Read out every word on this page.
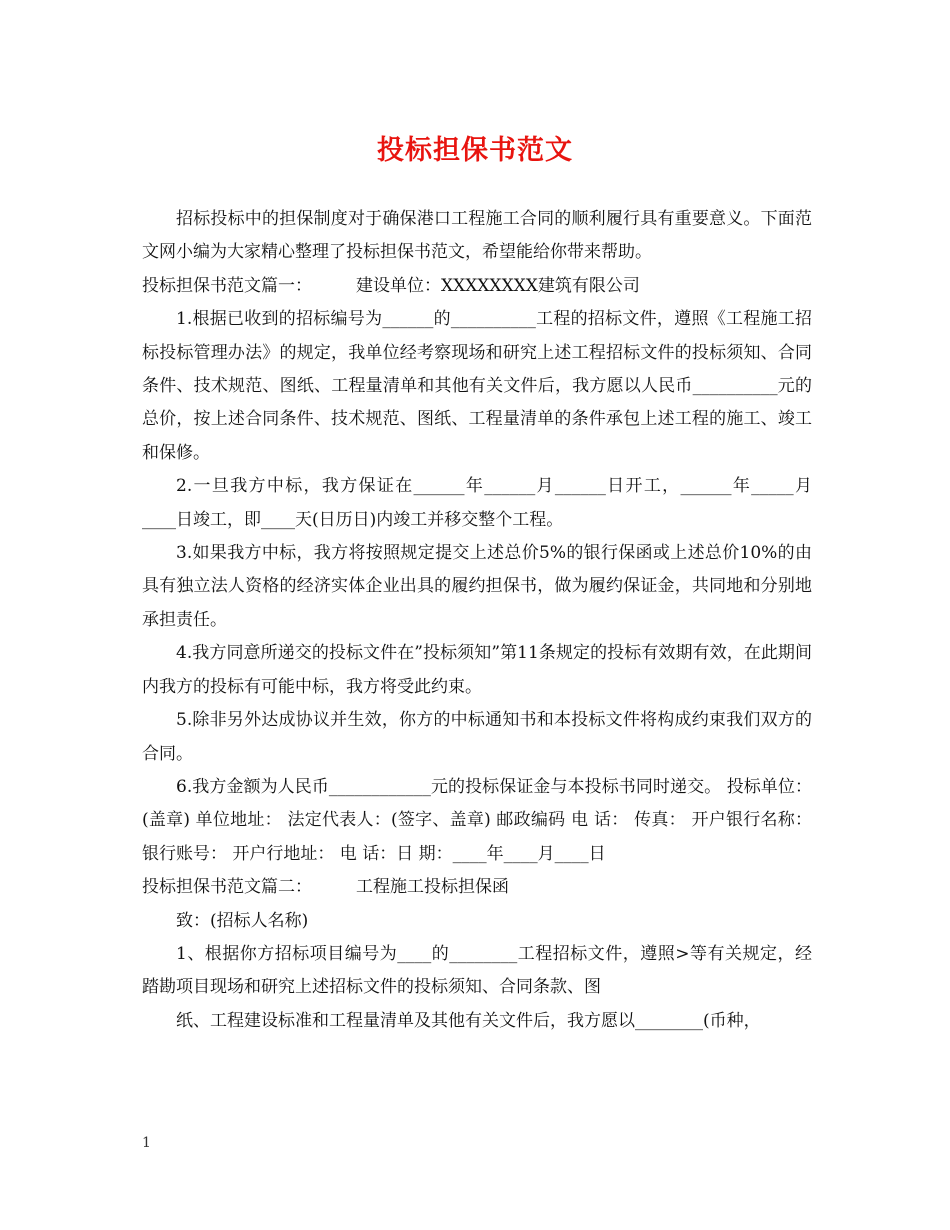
投标担保书范文

招标投标中的担保制度对于确保港口工程施工合同的顺利履行具有重要意义。下面范文网小编为大家精心整理了投标担保书范文，希望能给你带来帮助。

投标担保书范文篇一：	建设单位：XXXXXXXX建筑有限公司

1.根据已收到的招标编号为______的__________工程的招标文件，遵照《工程施工招标投标管理办法》的规定，我单位经考察现场和研究上述工程招标文件的投标须知、合同条件、技术规范、图纸、工程量清单和其他有关文件后，我方愿以人民币__________元的总价，按上述合同条件、技术规范、图纸、工程量清单的条件承包上述工程的施工、竣工和保修。

2.一旦我方中标，我方保证在______年______月______日开工，______年_____月____日竣工，即____天(日历日)内竣工并移交整个工程。

3.如果我方中标，我方将按照规定提交上述总价5%的银行保函或上述总价10%的由具有独立法人资格的经济实体企业出具的履约担保书，做为履约保证金，共同地和分别地承担责任。

4.我方同意所递交的投标文件在”投标须知”第11条规定的投标有效期有效，在此期间内我方的投标有可能中标，我方将受此约束。

5.除非另外达成协议并生效，你方的中标通知书和本投标文件将构成约束我们双方的合同。

6.我方金额为人民币____________元的投标保证金与本投标书同时递交。 投标单位：(盖章) 单位地址： 法定代表人：(签字、盖章) 邮政编码 电 话： 传真： 开户银行名称： 银行账号： 开户行地址： 电 话：日 期：____年____月____日

投标担保书范文篇二：	工程施工投标担保函

致：(招标人名称)

1、根据你方招标项目编号为____的________工程招标文件，遵照>等有关规定，经踏勘项目现场和研究上述招标文件的投标须知、合同条款、图

纸、工程建设标准和工程量清单及其他有关文件后，我方愿以________(币种，

1
